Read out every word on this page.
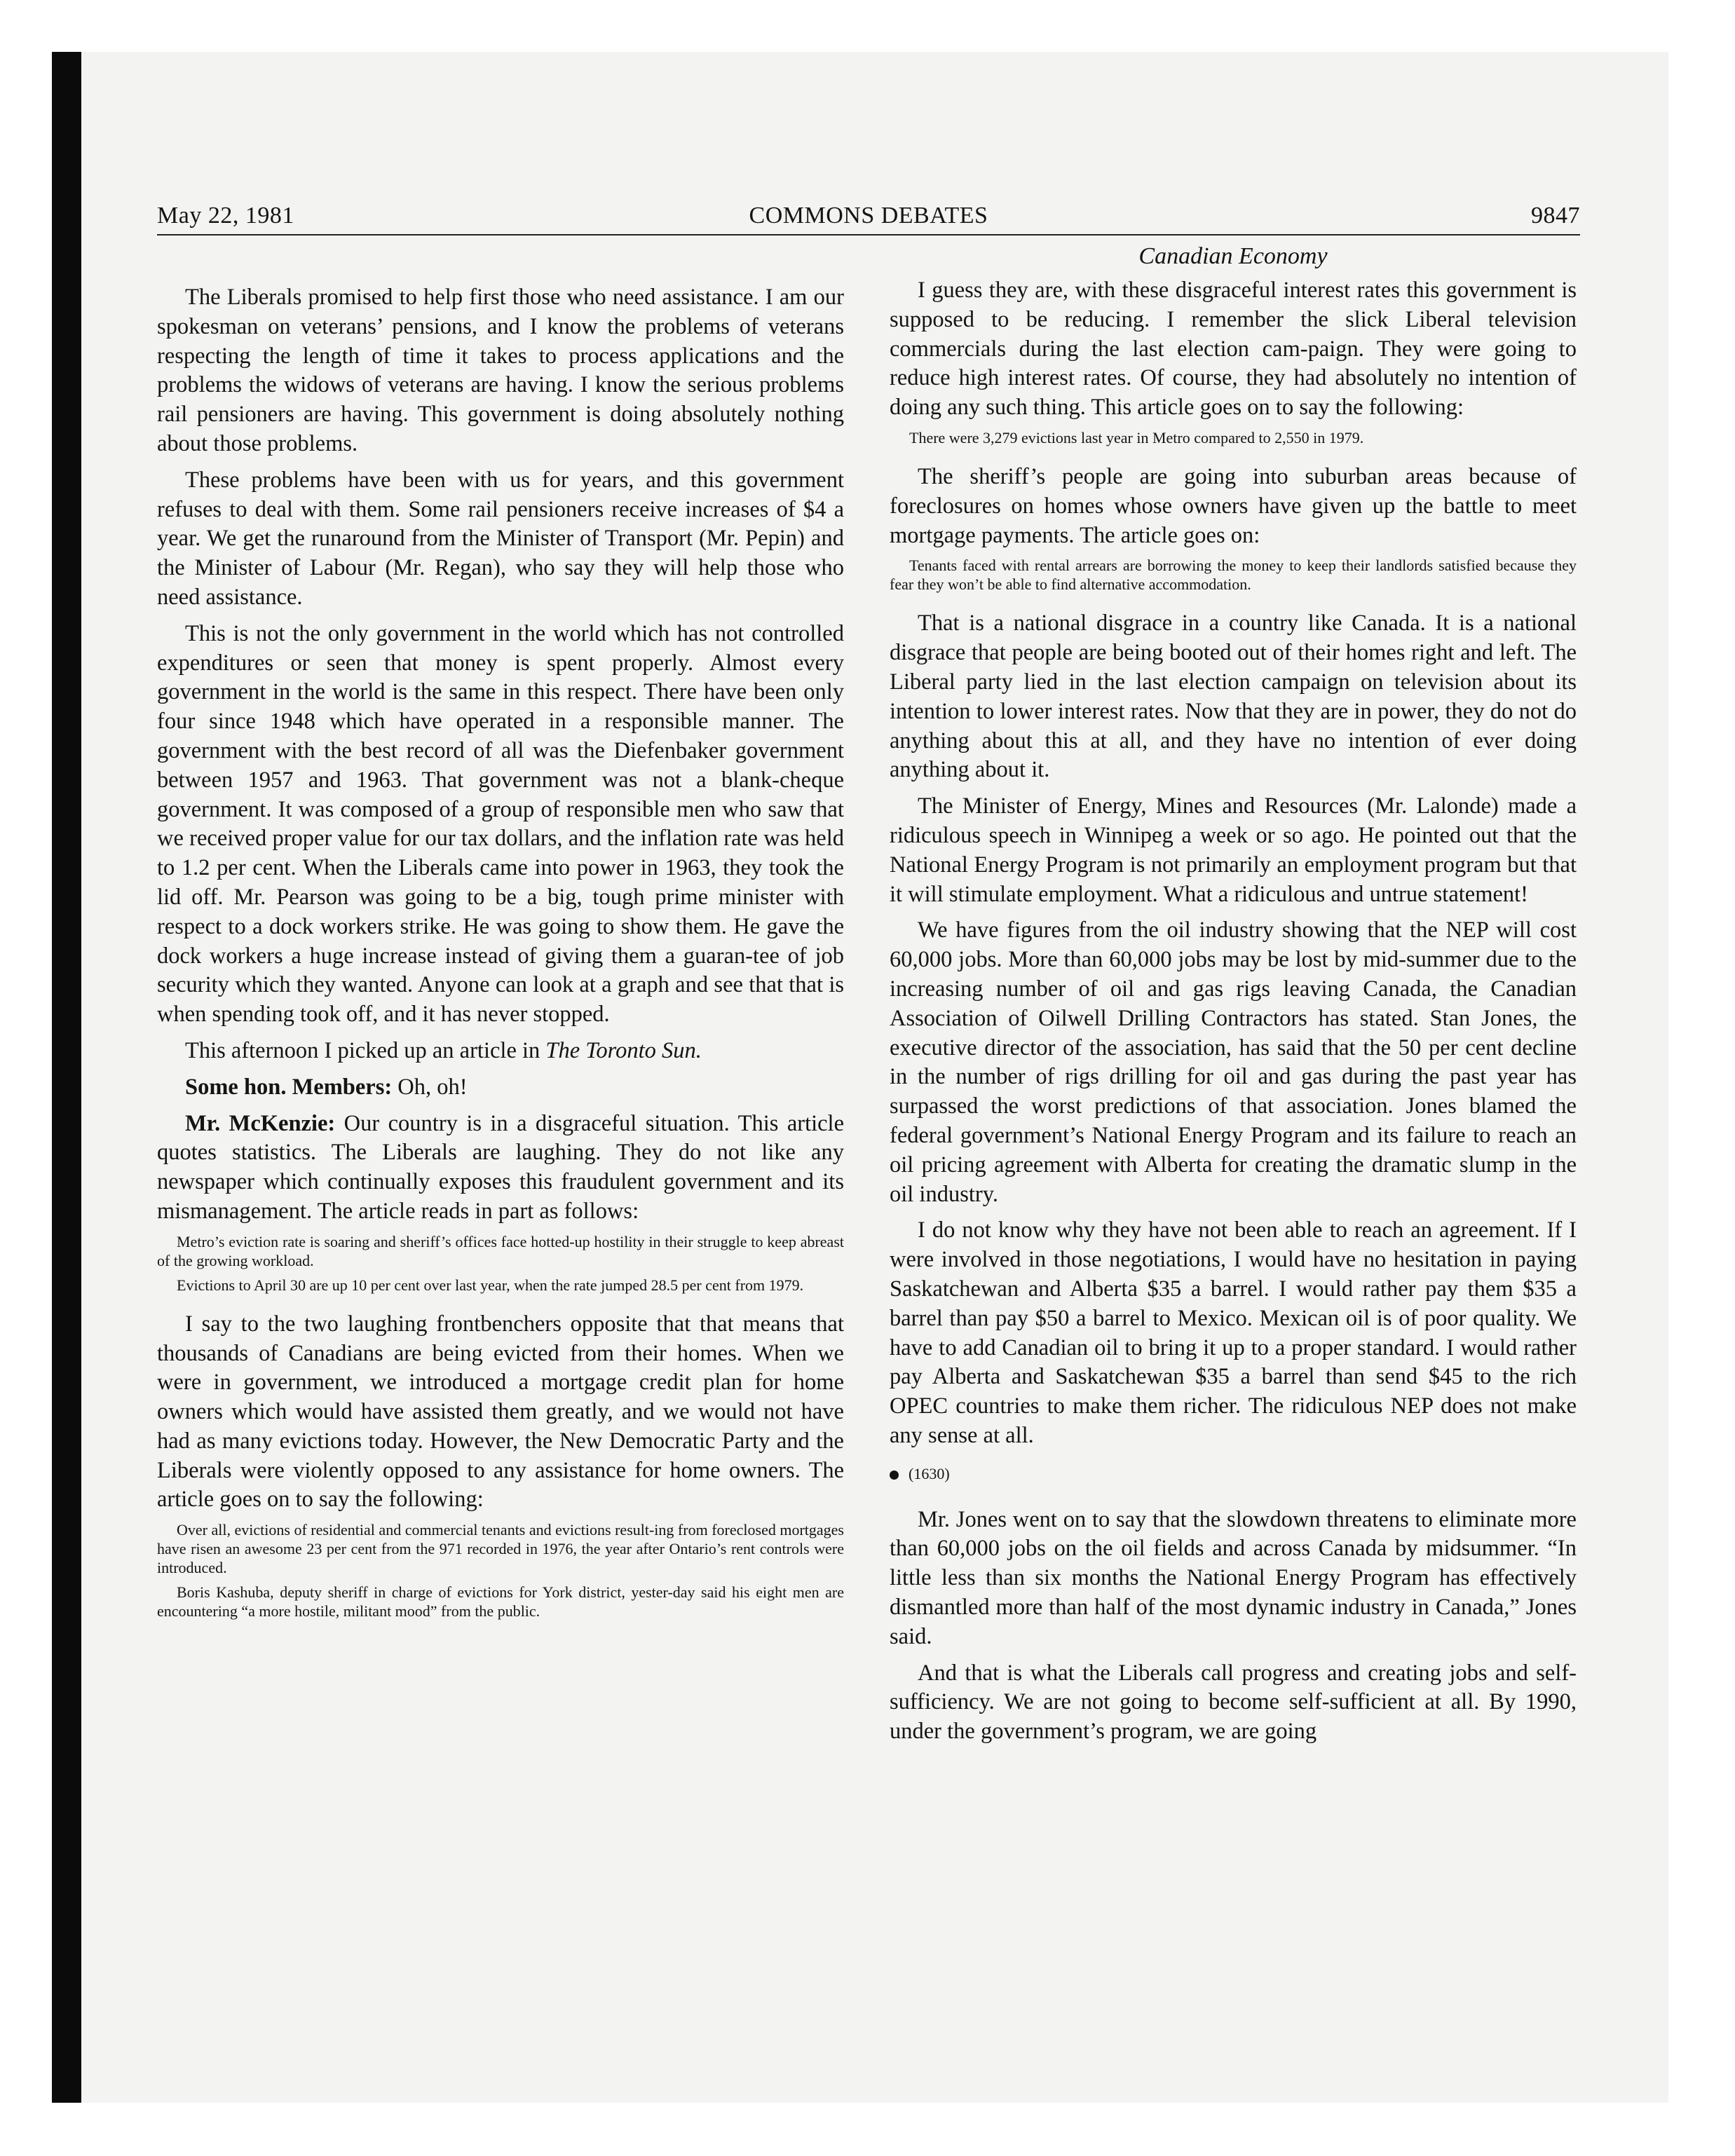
May 22, 1981	COMMONS DEBATES	9847

The Liberals promised to help first those who need assistance. I am our spokesman on veterans’ pensions, and I know the problems of veterans respecting the length of time it takes to process applications and the problems the widows of veterans are having. I know the serious problems rail pensioners are having. This government is doing absolutely nothing about those problems.

These problems have been with us for years, and this government refuses to deal with them. Some rail pensioners receive increases of $4 a year. We get the runaround from the Minister of Transport (Mr. Pepin) and the Minister of Labour (Mr. Regan), who say they will help those who need assistance.

This is not the only government in the world which has not controlled expenditures or seen that money is spent properly. Almost every government in the world is the same in this respect. There have been only four since 1948 which have operated in a responsible manner. The government with the best record of all was the Diefenbaker government between 1957 and 1963. That government was not a blank-cheque government. It was composed of a group of responsible men who saw that we received proper value for our tax dollars, and the inflation rate was held to 1.2 per cent. When the Liberals came into power in 1963, they took the lid off. Mr. Pearson was going to be a big, tough prime minister with respect to a dock workers strike. He was going to show them. He gave the dock workers a huge increase instead of giving them a guaran-tee of job security which they wanted. Anyone can look at a graph and see that that is when spending took off, and it has never stopped.

This afternoon I picked up an article in The Toronto Sun.

Some hon. Members: Oh, oh!

Mr. McKenzie: Our country is in a disgraceful situation. This article quotes statistics. The Liberals are laughing. They do not like any newspaper which continually exposes this fraudulent government and its mismanagement. The article reads in part as follows:

Metro’s eviction rate is soaring and sheriff’s offices face hotted-up hostility in their struggle to keep abreast of the growing workload.
Evictions to April 30 are up 10 per cent over last year, when the rate jumped 28.5 per cent from 1979.

I say to the two laughing frontbenchers opposite that that means that thousands of Canadians are being evicted from their homes. When we were in government, we introduced a mortgage credit plan for home owners which would have assisted them greatly, and we would not have had as many evictions today. However, the New Democratic Party and the Liberals were violently opposed to any assistance for home owners. The article goes on to say the following:

Over all, evictions of residential and commercial tenants and evictions result-ing from foreclosed mortgages have risen an awesome 23 per cent from the 971 recorded in 1976, the year after Ontario’s rent controls were introduced.
Boris Kashuba, deputy sheriff in charge of evictions for York district, yester-day said his eight men are encountering “a more hostile, militant mood” from the public.
Canadian Economy

I guess they are, with these disgraceful interest rates this government is supposed to be reducing. I remember the slick Liberal television commercials during the last election cam-paign. They were going to reduce high interest rates. Of course, they had absolutely no intention of doing any such thing. This article goes on to say the following:

There were 3,279 evictions last year in Metro compared to 2,550 in 1979.

The sheriff’s people are going into suburban areas because of foreclosures on homes whose owners have given up the battle to meet mortgage payments. The article goes on:

Tenants faced with rental arrears are borrowing the money to keep their landlords satisfied because they fear they won’t be able to find alternative accommodation.

That is a national disgrace in a country like Canada. It is a national disgrace that people are being booted out of their homes right and left. The Liberal party lied in the last election campaign on television about its intention to lower interest rates. Now that they are in power, they do not do anything about this at all, and they have no intention of ever doing anything about it.

The Minister of Energy, Mines and Resources (Mr. Lalonde) made a ridiculous speech in Winnipeg a week or so ago. He pointed out that the National Energy Program is not primarily an employment program but that it will stimulate employment. What a ridiculous and untrue statement!

We have figures from the oil industry showing that the NEP will cost 60,000 jobs. More than 60,000 jobs may be lost by mid-summer due to the increasing number of oil and gas rigs leaving Canada, the Canadian Association of Oilwell Drilling Contractors has stated. Stan Jones, the executive director of the association, has said that the 50 per cent decline in the number of rigs drilling for oil and gas during the past year has surpassed the worst predictions of that association. Jones blamed the federal government’s National Energy Program and its failure to reach an oil pricing agreement with Alberta for creating the dramatic slump in the oil industry.

I do not know why they have not been able to reach an agreement. If I were involved in those negotiations, I would have no hesitation in paying Saskatchewan and Alberta $35 a barrel. I would rather pay them $35 a barrel than pay $50 a barrel to Mexico. Mexican oil is of poor quality. We have to add Canadian oil to bring it up to a proper standard. I would rather pay Alberta and Saskatchewan $35 a barrel than send $45 to the rich OPEC countries to make them richer. The ridiculous NEP does not make any sense at all.

(1630)

Mr. Jones went on to say that the slowdown threatens to eliminate more than 60,000 jobs on the oil fields and across Canada by midsummer. “In little less than six months the National Energy Program has effectively dismantled more than half of the most dynamic industry in Canada,” Jones said.

And that is what the Liberals call progress and creating jobs and self-sufficiency. We are not going to become self-sufficient at all. By 1990, under the government’s program, we are going
